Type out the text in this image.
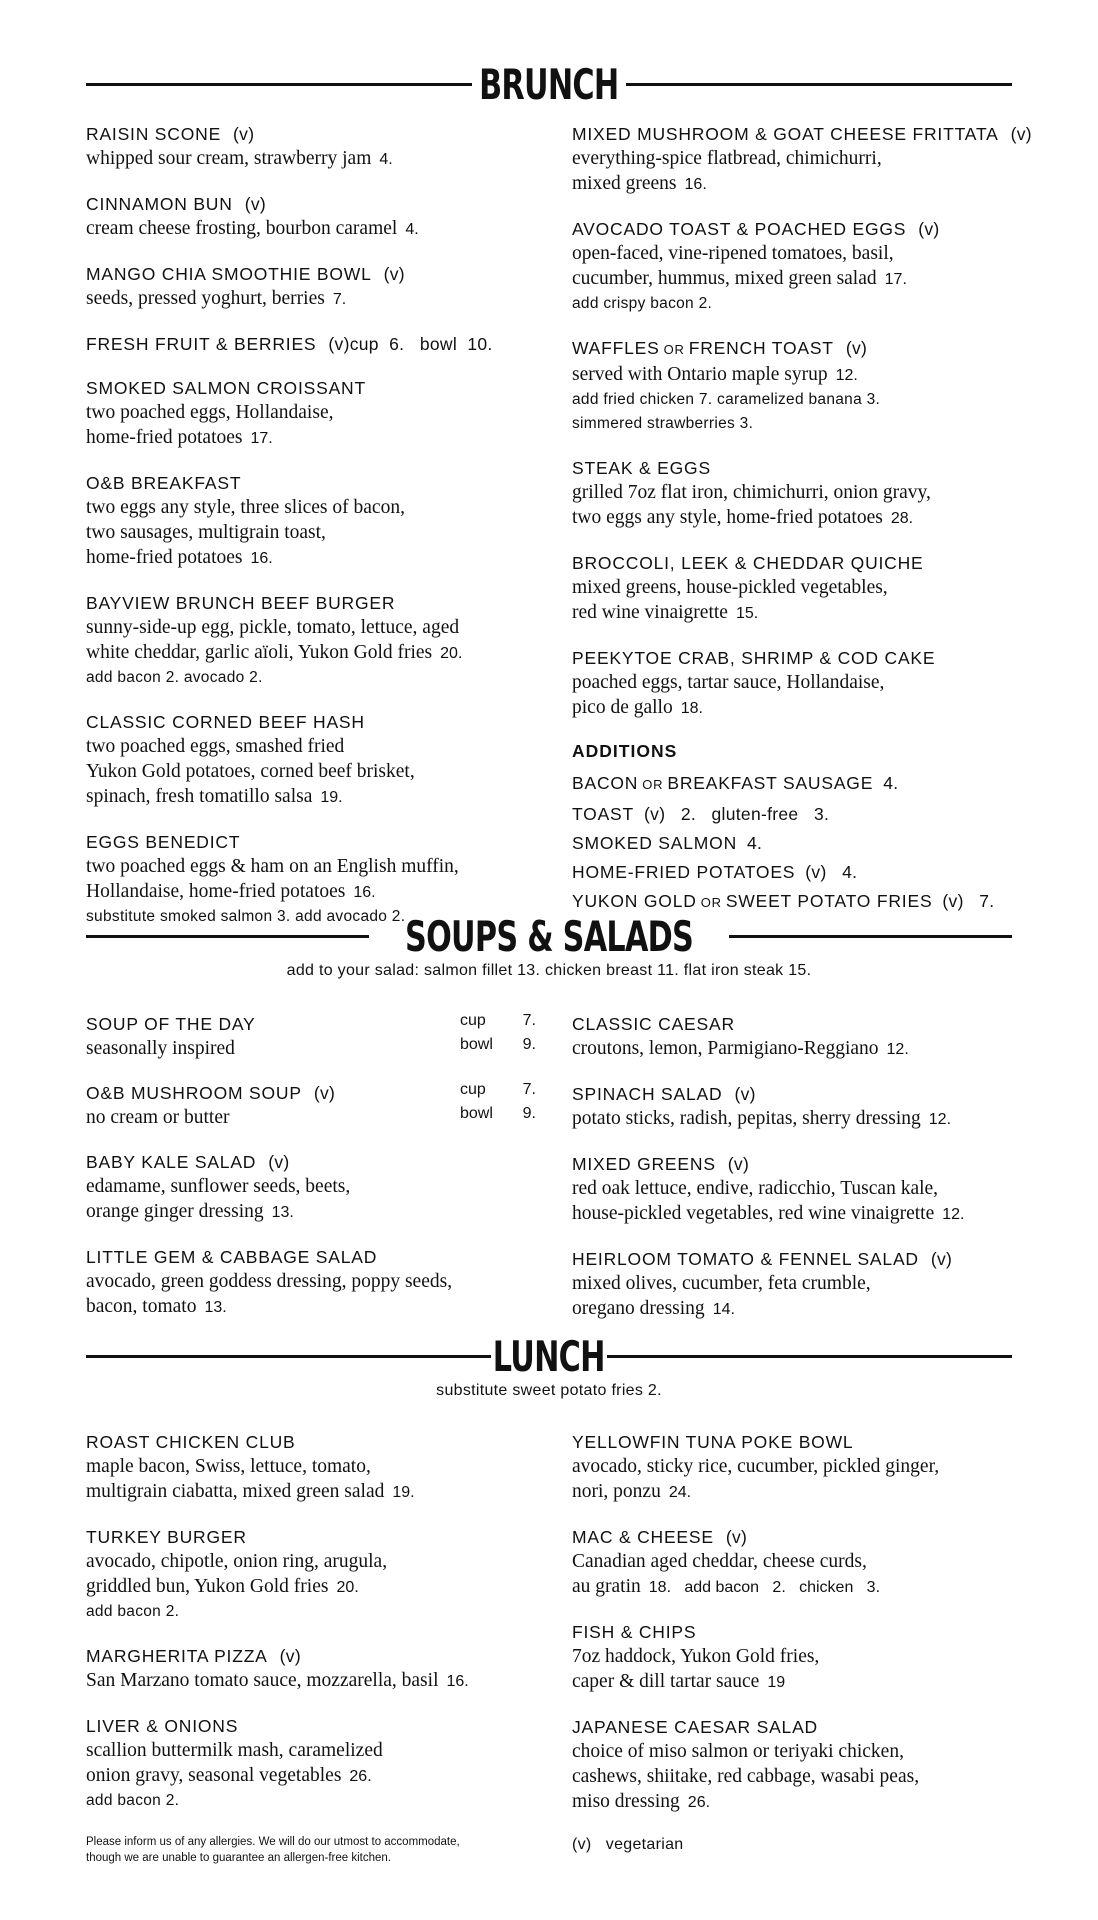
BRUNCH
RAISIN SCONE (v)
whipped sour cream, strawberry jam 4.
CINNAMON BUN (v)
cream cheese frosting, bourbon caramel 4.
MANGO CHIA SMOOTHIE BOWL (v)
seeds, pressed yoghurt, berries 7.
FRESH FRUIT & BERRIES (v)cup  6.   bowl  10.
SMOKED SALMON CROISSANT
two poached eggs, Hollandaise,
home-fried potatoes 17.
O&B BREAKFAST
two eggs any style, three slices of bacon,
two sausages, multigrain toast,
home-fried potatoes 16.
BAYVIEW BRUNCH BEEF BURGER
sunny-side-up egg, pickle, tomato, lettuce, aged
white cheddar, garlic aïoli, Yukon Gold fries 20.
add bacon 2. avocado 2.
CLASSIC CORNED BEEF HASH
two poached eggs, smashed fried
Yukon Gold potatoes, corned beef brisket,
spinach, fresh tomatillo salsa 19.
EGGS BENEDICT
two poached eggs & ham on an English muffin,
Hollandaise, home-fried potatoes 16.
substitute smoked salmon 3. add avocado 2.
MIXED MUSHROOM & GOAT CHEESE FRITTATA (v)
everything-spice flatbread, chimichurri,
mixed greens 16.
AVOCADO TOAST & POACHED EGGS (v)
open-faced, vine-ripened tomatoes, basil,
cucumber, hummus, mixed green salad 17.
add crispy bacon 2.
WAFFLES OR FRENCH TOAST (v)
served with Ontario maple syrup 12.
add fried chicken 7. caramelized banana 3.
simmered strawberries 3.
STEAK & EGGS
grilled 7oz flat iron, chimichurri, onion gravy,
two eggs any style, home-fried potatoes 28.
BROCCOLI, LEEK & CHEDDAR QUICHE
mixed greens, house-pickled vegetables,
red wine vinaigrette 15.
PEEKYTOE CRAB, SHRIMP & COD CAKE
poached eggs, tartar sauce, Hollandaise,
pico de gallo 18.
ADDITIONS
BACON OR BREAKFAST SAUSAGE 4.
TOAST (v)   2.   gluten-free   3.
SMOKED SALMON 4.
HOME-FRIED POTATOES (v)   4.
YUKON GOLD OR SWEET POTATO FRIES (v)   7.
SOUPS & SALADS
add to your salad: salmon fillet 13. chicken breast 11. flat iron steak 15.
SOUP OF THE DAY	cup	7.
seasonally inspired	bowl	9.
O&B MUSHROOM SOUP (v)	cup	7.
no cream or butter	bowl	9.
BABY KALE SALAD (v)
edamame, sunflower seeds, beets,
orange ginger dressing 13.
LITTLE GEM & CABBAGE SALAD
avocado, green goddess dressing, poppy seeds,
bacon, tomato 13.
CLASSIC CAESAR
croutons, lemon, Parmigiano-Reggiano 12.
SPINACH SALAD (v)
potato sticks, radish, pepitas, sherry dressing 12.
MIXED GREENS (v)
red oak lettuce, endive, radicchio, Tuscan kale,
house-pickled vegetables, red wine vinaigrette 12.
HEIRLOOM TOMATO & FENNEL SALAD (v)
mixed olives, cucumber, feta crumble,
oregano dressing 14.
LUNCH
substitute sweet potato fries 2.
ROAST CHICKEN CLUB
maple bacon, Swiss, lettuce, tomato,
multigrain ciabatta, mixed green salad 19.
TURKEY BURGER
avocado, chipotle, onion ring, arugula,
griddled bun, Yukon Gold fries 20.
add bacon 2.
MARGHERITA PIZZA (v)
San Marzano tomato sauce, mozzarella, basil 16.
LIVER & ONIONS
scallion buttermilk mash, caramelized
onion gravy, seasonal vegetables 26.
add bacon 2.
YELLOWFIN TUNA POKE BOWL
avocado, sticky rice, cucumber, pickled ginger,
nori, ponzu 24.
MAC & CHEESE (v)
Canadian aged cheddar, cheese curds,
au gratin 18.   add bacon   2.   chicken   3.
FISH & CHIPS
7oz haddock, Yukon Gold fries,
caper & dill tartar sauce 19
JAPANESE CAESAR SALAD
choice of miso salmon or teriyaki chicken,
cashews, shiitake, red cabbage, wasabi peas,
miso dressing 26.
Please inform us of any allergies. We will do our utmost to accommodate,
though we are unable to guarantee an allergen-free kitchen.
(v)   vegetarian
